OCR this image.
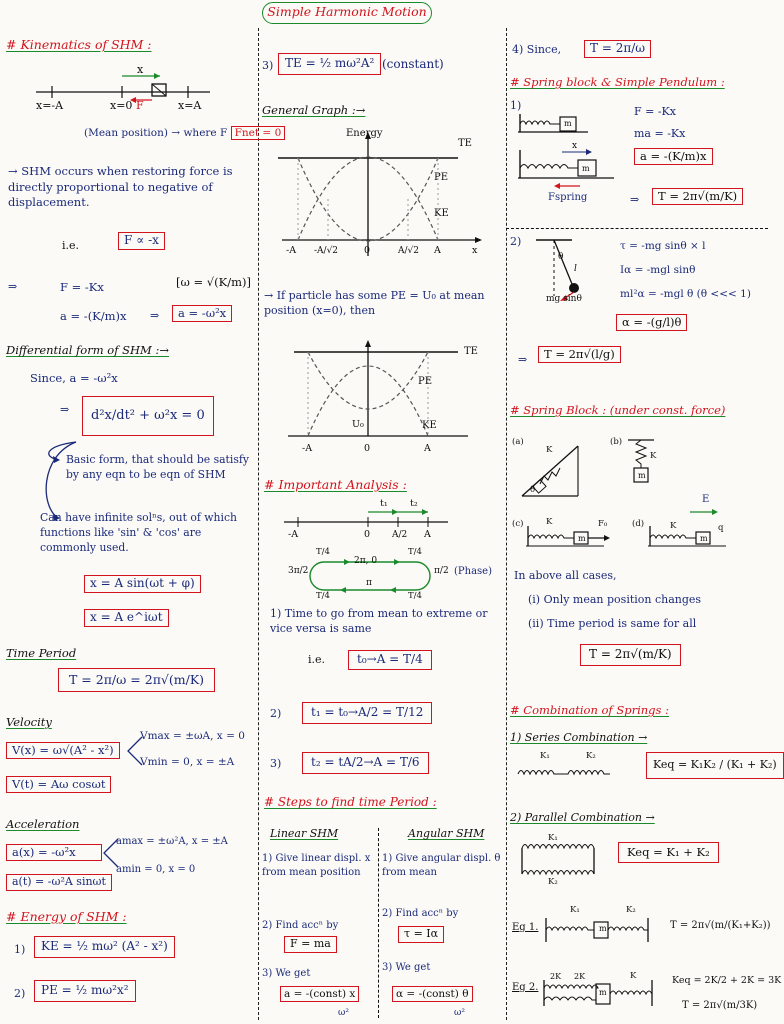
Simple Harmonic Motion
# Kinematics of SHM :
x=-A	x=0	x=A
x
F
(Mean position) → where F Fnet = 0
→ SHM occurs when restoring force is directly proportional to negative of displacement.
i.e.	F ∝ -x
⇒	F = -Kx	[ω = √(K/m)]
a = -(K/m)x ⇒	a = -ω²x
Differential form of SHM :→
Since, a = -ω²x
⇒	d²x/dt² + ω²x = 0
Basic form, that should be satisfy by any eqn to be eqn of SHM
Can have infinite solⁿs, out of which functions like 'sin' & 'cos' are commonly used.
x = A sin(ωt + φ)
x = A e^iωt
Time Period
T = 2π/ω = 2π√(m/K)
Velocity
V(x) = ω√(A² - x²)
Vmax = ±ωA, x = 0
Vmin = 0, x = ±A
V(t) = Aω cosωt
Acceleration
a(x) = -ω²x
amax = ±ω²A, x = ±A
amin = 0, x = 0
a(t) = -ω²A sinωt
# Energy of SHM :
1)	KE = ½ mω² (A² - x²)
2)	PE = ½ mω²x²
3) TE = ½ mω²A² (constant)
General Graph :→
Energy
TE
PE
KE
-A -A/√2	0	A/√2 A	x
→ If particle has some PE = U₀ at mean position (x=0), then
TE
PE
KE
U₀
-A	0	A
# Important Analysis :
t₁ t₂
-A	0 A/2 A
T/4
2π, 0
T/4
3π/2	π/2
T/4
π
T/4
(Phase)
1) Time to go from mean to extreme or vice versa is same
i.e.	t₀→A = T/4
2)	t₁ = t₀→A/2 = T/12
3)	t₂ = tA/2→A = T/6
# Steps to find time Period :
Linear SHM	Angular SHM
1) Give linear displ. x from mean position
1) Give angular displ. θ from mean
2) Find accⁿ by
F = ma
2) Find accⁿ by
τ = Iα
3) We get
a = -(const) x
ω²
3) We get
α = -(const) θ
ω²
4) Since,	T = 2π/ω
# Spring block & Simple Pendulum :
1)
m
F = -Kx
ma = -Kx
x
m
Fspring
a = -(K/m)x
⇒	T = 2π√(m/K)
2)
θ
l
mg sinθ
τ = -mg sinθ × l
Iα = -mgl sinθ
ml²α = -mgl θ (θ <<< 1)
α = -(g/l)θ
⇒	T = 2π√(l/g)
# Spring Block : (under const. force)
(a)
K
θ
(b)
K
m
(c)	K
m
F₀	(d)
E
K
m
q
In above all cases,
(i) Only mean position changes
(ii) Time period is same for all
T = 2π√(m/K)
# Combination of Springs :
1) Series Combination →
K₁	K₂
Keq = K₁K₂ / (K₁ + K₂)
2) Parallel Combination →
K₁
K₂
Keq = K₁ + K₂
Eg 1.
K₁	K₂
m	T = 2π√(m/(K₁+K₂))
Eg 2.
2K 2K	K
m
Keq = 2K/2 + 2K = 3K
T = 2π√(m/3K)
